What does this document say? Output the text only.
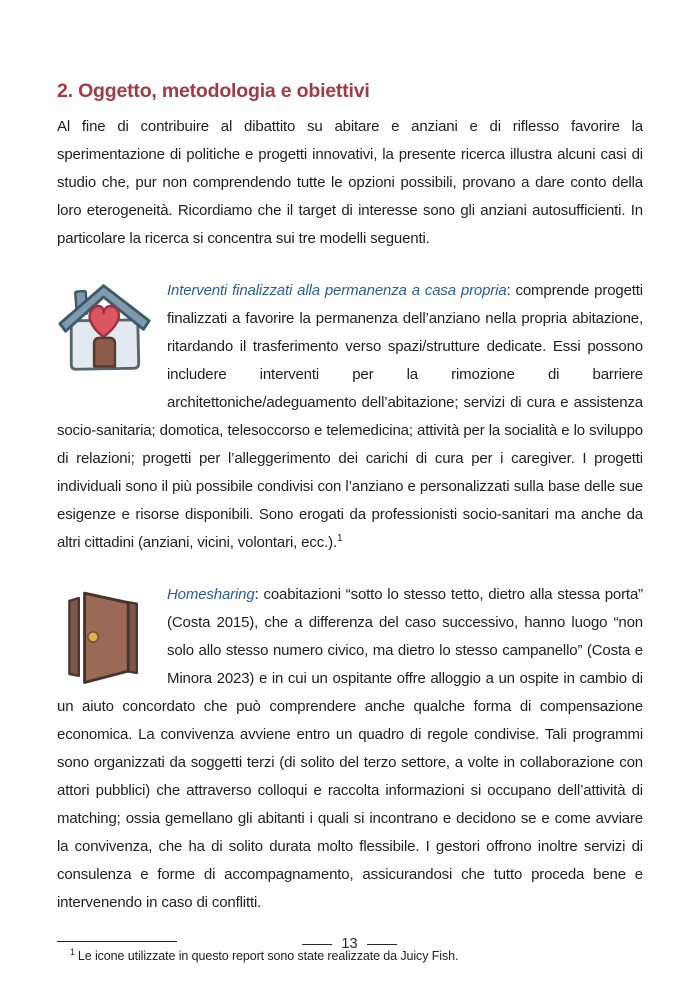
2. Oggetto, metodologia e obiettivi

Al fine di contribuire al dibattito su abitare e anziani e di riflesso favorire la sperimentazione di politiche e progetti innovativi, la presente ricerca illustra alcuni casi di studio che, pur non comprendendo tutte le opzioni possibili, provano a dare conto della loro eterogeneità. Ricordiamo che il target di interesse sono gli anziani autosufficienti. In particolare la ricerca si concentra sui tre modelli seguenti.

Interventi finalizzati alla permanenza a casa propria: comprende progetti finalizzati a favorire la permanenza dell’anziano nella propria abitazione, ritardando il trasferimento verso spazi/strutture dedicate. Essi possono includere interventi per la rimozione di barriere architettoniche/adeguamento dell’abitazione; servizi di cura e assistenza socio-sanitaria; domotica, telesoccorso e telemedicina; attività per la socialità e lo sviluppo di relazioni; progetti per l’alleggerimento dei carichi di cura per i caregiver. I progetti individuali sono il più possibile condivisi con l’anziano e personalizzati sulla base delle sue esigenze e risorse disponibili. Sono erogati da professionisti socio-sanitari ma anche da altri cittadini (anziani, vicini, volontari, ecc.).$^1$

Homesharing: coabitazioni “sotto lo stesso tetto, dietro alla stessa porta” (Costa 2015), che a differenza del caso successivo, hanno luogo “non solo allo stesso numero civico, ma dietro lo stesso campanello” (Costa e Minora 2023) e in cui un ospitante offre alloggio a un ospite in cambio di un aiuto concordato che può comprendere anche qualche forma di compensazione economica. La convivenza avviene entro un quadro di regole condivise. Tali programmi sono organizzati da soggetti terzi (di solito del terzo settore, a volte in collaborazione con attori pubblici) che attraverso colloqui e raccolta informazioni si occupano dell’attività di matching; ossia gemellano gli abitanti i quali si incontrano e decidono se e come avviare la convivenza, che ha di solito durata molto flessibile. I gestori offrono inoltre servizi di consulenza e forme di accompagnamento, assicurandosi che tutto proceda bene e intervenendo in caso di conflitti.

$^1$ Le icone utilizzate in questo report sono state realizzate da Juicy Fish.
13
